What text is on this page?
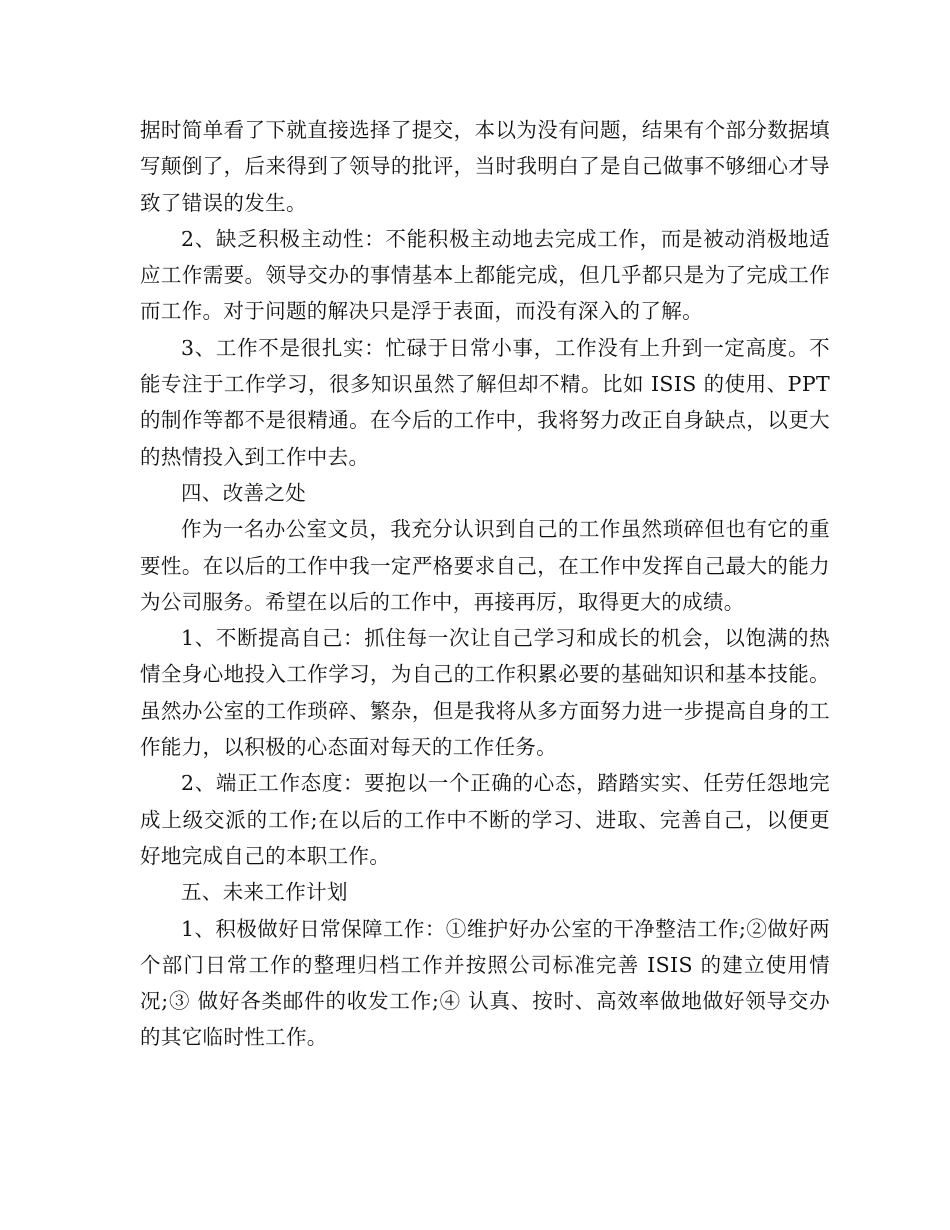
据时简单看了下就直接选择了提交，本以为没有问题，结果有个部分数据填写颠倒了，后来得到了领导的批评，当时我明白了是自己做事不够细心才导致了错误的发生。

2、缺乏积极主动性：不能积极主动地去完成工作，而是被动消极地适应工作需要。领导交办的事情基本上都能完成，但几乎都只是为了完成工作而工作。对于问题的解决只是浮于表面，而没有深入的了解。

3、工作不是很扎实：忙碌于日常小事，工作没有上升到一定高度。不能专注于工作学习，很多知识虽然了解但却不精。比如 ISIS 的使用、PPT 的制作等都不是很精通。在今后的工作中，我将努力改正自身缺点，以更大的热情投入到工作中去。

四、改善之处

作为一名办公室文员，我充分认识到自己的工作虽然琐碎但也有它的重要性。在以后的工作中我一定严格要求自己，在工作中发挥自己最大的能力为公司服务。希望在以后的工作中，再接再厉，取得更大的成绩。

1、不断提高自己：抓住每一次让自己学习和成长的机会，以饱满的热情全身心地投入工作学习，为自己的工作积累必要的基础知识和基本技能。虽然办公室的工作琐碎、繁杂，但是我将从多方面努力进一步提高自身的工作能力，以积极的心态面对每天的工作任务。

2、端正工作态度：要抱以一个正确的心态，踏踏实实、任劳任怨地完成上级交派的工作;在以后的工作中不断的学习、进取、完善自己，以便更好地完成自己的本职工作。

五、未来工作计划

1、积极做好日常保障工作：①维护好办公室的干净整洁工作;②做好两个部门日常工作的整理归档工作并按照公司标准完善 ISIS 的建立使用情况;③ 做好各类邮件的收发工作;④ 认真、按时、高效率做地做好领导交办的其它临时性工作。
